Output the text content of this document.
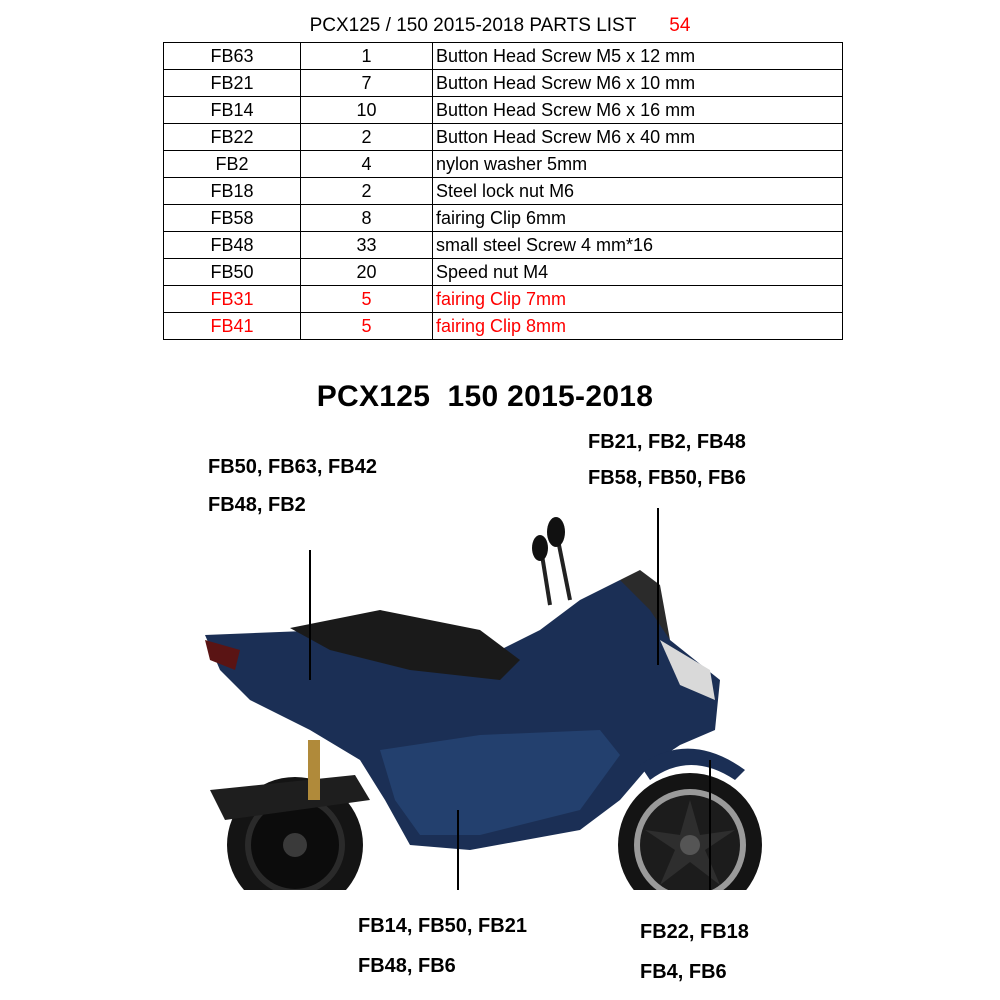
PCX125 / 150 2015-2018 PARTS LIST 54
FB63	1	Button Head Screw M5 x 12 mm
FB21	7	Button Head Screw M6 x 10 mm
FB14	10	Button Head Screw M6 x 16 mm
FB22	2	Button Head Screw M6 x 40 mm
FB2	4	nylon washer 5mm
FB18	2	Steel lock nut M6
FB58	8	fairing Clip 6mm
FB48	33	small steel Screw 4 mm*16
FB50	20	Speed nut M4
FB31	5	fairing Clip 7mm
FB41	5	fairing Clip 8mm
PCX125  150 2015-2018
FB50, FB63, FB42
FB48, FB2
FB21, FB2, FB48
FB58, FB50, FB6
FB14, FB50, FB21
FB48, FB6
FB22, FB18
FB4, FB6
